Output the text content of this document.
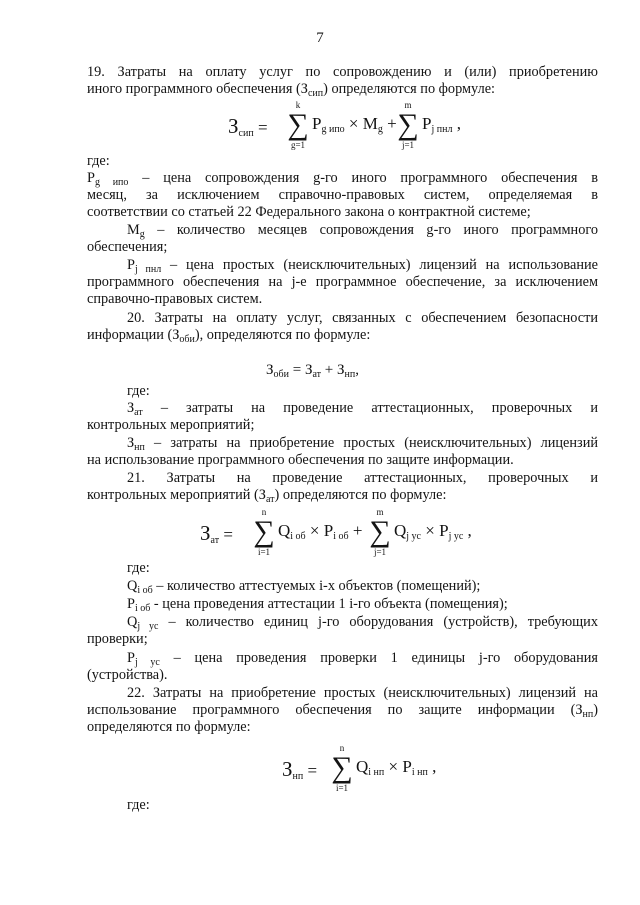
7
19. Затраты на оплату услуг по сопровождению и (или) приобретению
иного программного обеспечения $(З_{сип})$ определяются по формуле:
$З_{сип}$ =
k
∑
g=1
$P_{g ипо} \times M_g$ +
m
∑
j=1
$P_{j пнл}$ ,
где:
$P_{g ипо}$ – цена сопровождения g-го иного программного обеспечения в
месяц, за исключением справочно-правовых систем, определяемая в
соответствии со статьей 22 Федерального закона о контрактной системе;
$M_g$ – количество месяцев сопровождения g-го иного программного
обеспечения;
$P_{j пнл}$ – цена простых (неисключительных) лицензий на использование
программного обеспечения на j-е программное обеспечение, за исключением
справочно-правовых систем.
20. Затраты на оплату услуг, связанных с обеспечением безопасности
информации $(З_{оби})$, определяются по формуле:
$З_{оби} = З_{ат} + З_{нп}$,
где:
$З_{ат}$ – затраты на проведение аттестационных, проверочных и
контрольных мероприятий;
$З_{нп}$ – затраты на приобретение простых (неисключительных) лицензий
на использование программного обеспечения по защите информации.
21. Затраты на проведение аттестационных, проверочных и
контрольных мероприятий $(З_{ат})$ определяются по формуле:
$З_{ат}$ =
n
∑
i=1
$Q_{i об} \times P_{i об}$ +
m
∑
j=1
$Q_{j ус} \times P_{j ус}$ ,
где:
$Q_{i об}$ – количество аттестуемых i-х объектов (помещений);
$P_{i об}$ - цена проведения аттестации 1 i-го объекта (помещения);
$Q_{j ус}$ – количество единиц j-го оборудования (устройств), требующих
проверки;
$P_{j ус}$ – цена проведения проверки 1 единицы j-го оборудования
(устройства).
22. Затраты на приобретение простых (неисключительных) лицензий на
использование программного обеспечения по защите информации $(З_{нп})$
определяются по формуле:
$З_{нп}$ =
n
∑
i=1
$Q_{i нп} \times P_{i нп}$ ,
где:
